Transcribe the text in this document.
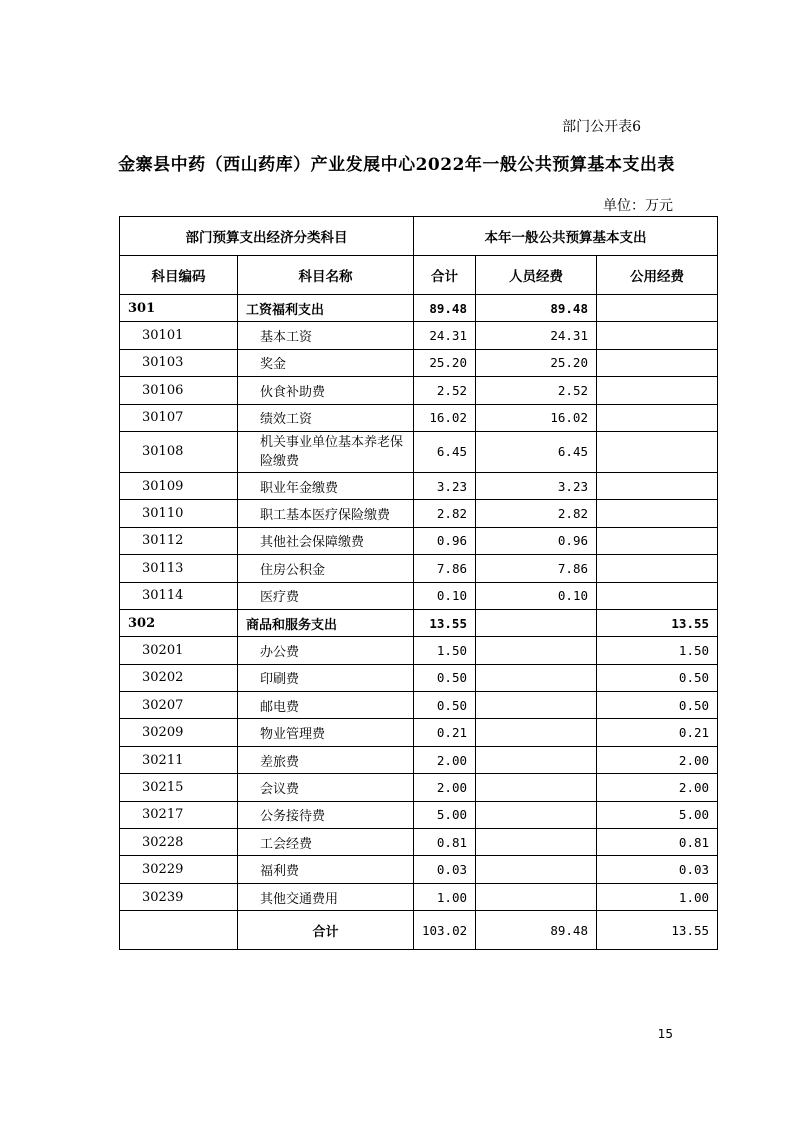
部门公开表6
金寨县中药（西山药库）产业发展中心2022年一般公共预算基本支出表
单位：万元
部门预算支出经济分类科目		本年一般公共预算基本支出		
科目编码	科目名称	合计	人员经费	公用经费
301	工资福利支出	89.48	89.48	
30101	基本工资	24.31	24.31	
30103	奖金	25.20	25.20	
30106	伙食补助费	2.52	2.52	
30107	绩效工资	16.02	16.02	
30108	机关事业单位基本养老保险缴费	6.45	6.45	
30109	职业年金缴费	3.23	3.23	
30110	职工基本医疗保险缴费	2.82	2.82	
30112	其他社会保障缴费	0.96	0.96	
30113	住房公积金	7.86	7.86	
30114	医疗费	0.10	0.10	
302	商品和服务支出	13.55		13.55
30201	办公费	1.50		1.50
30202	印刷费	0.50		0.50
30207	邮电费	0.50		0.50
30209	物业管理费	0.21		0.21
30211	差旅费	2.00		2.00
30215	会议费	2.00		2.00
30217	公务接待费	5.00		5.00
30228	工会经费	0.81		0.81
30229	福利费	0.03		0.03
30239	其他交通费用	1.00		1.00
	合计	103.02	89.48	13.55
15
